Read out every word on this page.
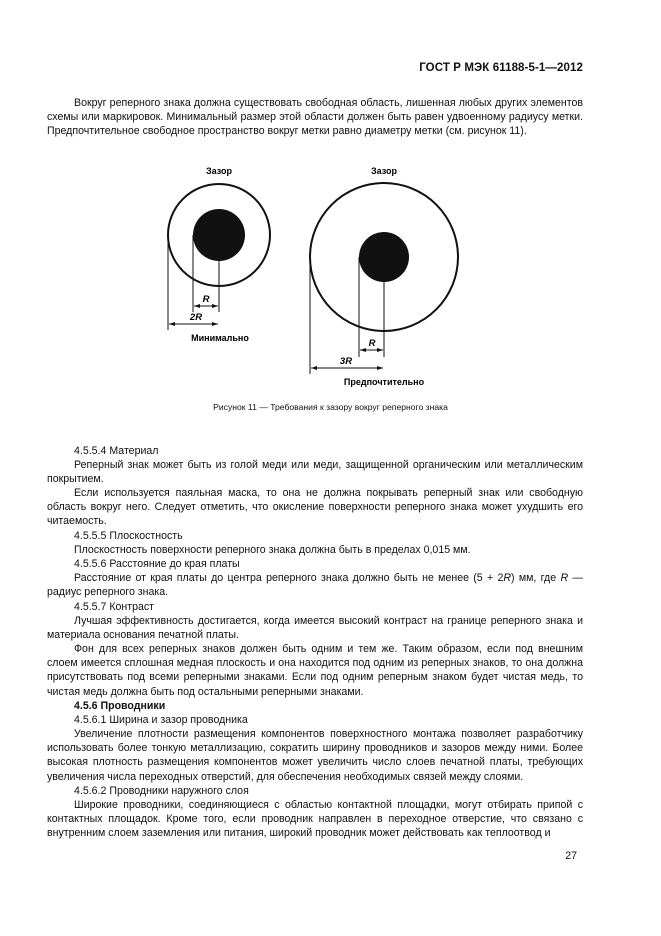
ГОСТ Р МЭК 61188-5-1—2012

Вокруг реперного знака должна существовать свободная область, лишенная любых других элементов схемы или маркировок. Минимальный размер этой области должен быть равен удвоенному радиусу метки. Предпочтительное свободное пространство вокруг метки равно диаметру метки (см. рисунок 11).

Зазор
R
2R
Минимально
Зазор
R
3R
Предпочтительно
Рисунок 11 — Требования к зазору вокруг реперного знака

4.5.5.4 Материал

Реперный знак может быть из голой меди или меди, защищенной органическим или металлическим покрытием.

Если используется паяльная маска, то она не должна покрывать реперный знак или свободную область вокруг него. Следует отметить, что окисление поверхности реперного знака может ухудшить его читаемость.

4.5.5.5 Плоскостность

Плоскостность поверхности реперного знака должна быть в пределах 0,015 мм.

4.5.5.6 Расстояние до края платы

Расстояние от края платы до центра реперного знака должно быть не менее (5 + 2R) мм, где R — радиус реперного знака.

4.5.5.7 Контраст

Лучшая эффективность достигается, когда имеется высокий контраст на границе реперного знака и материала основания печатной платы.

Фон для всех реперных знаков должен быть одним и тем же. Таким образом, если под внешним слоем имеется сплошная медная плоскость и она находится под одним из реперных знаков, то она должна присутствовать под всеми реперными знаками. Если под одним реперным знаком будет чистая медь, то чистая медь должна быть под остальными реперными знаками.

4.5.6 Проводники

4.5.6.1 Ширина и зазор проводника

Увеличение плотности размещения компонентов поверхностного монтажа позволяет разработчику использовать более тонкую металлизацию, сократить ширину проводников и зазоров между ними. Более высокая плотность размещения компонентов может увеличить число слоев печатной платы, требующих увеличения числа переходных отверстий, для обеспечения необходимых связей между слоями.

4.5.6.2 Проводники наружного слоя

Широкие проводники, соединяющиеся с областью контактной площадки, могут отбирать припой с контактных площадок. Кроме того, если проводник направлен в переходное отверстие, что связано с внутренним слоем заземления или питания, широкий проводник может действовать как теплоотвод и

27
